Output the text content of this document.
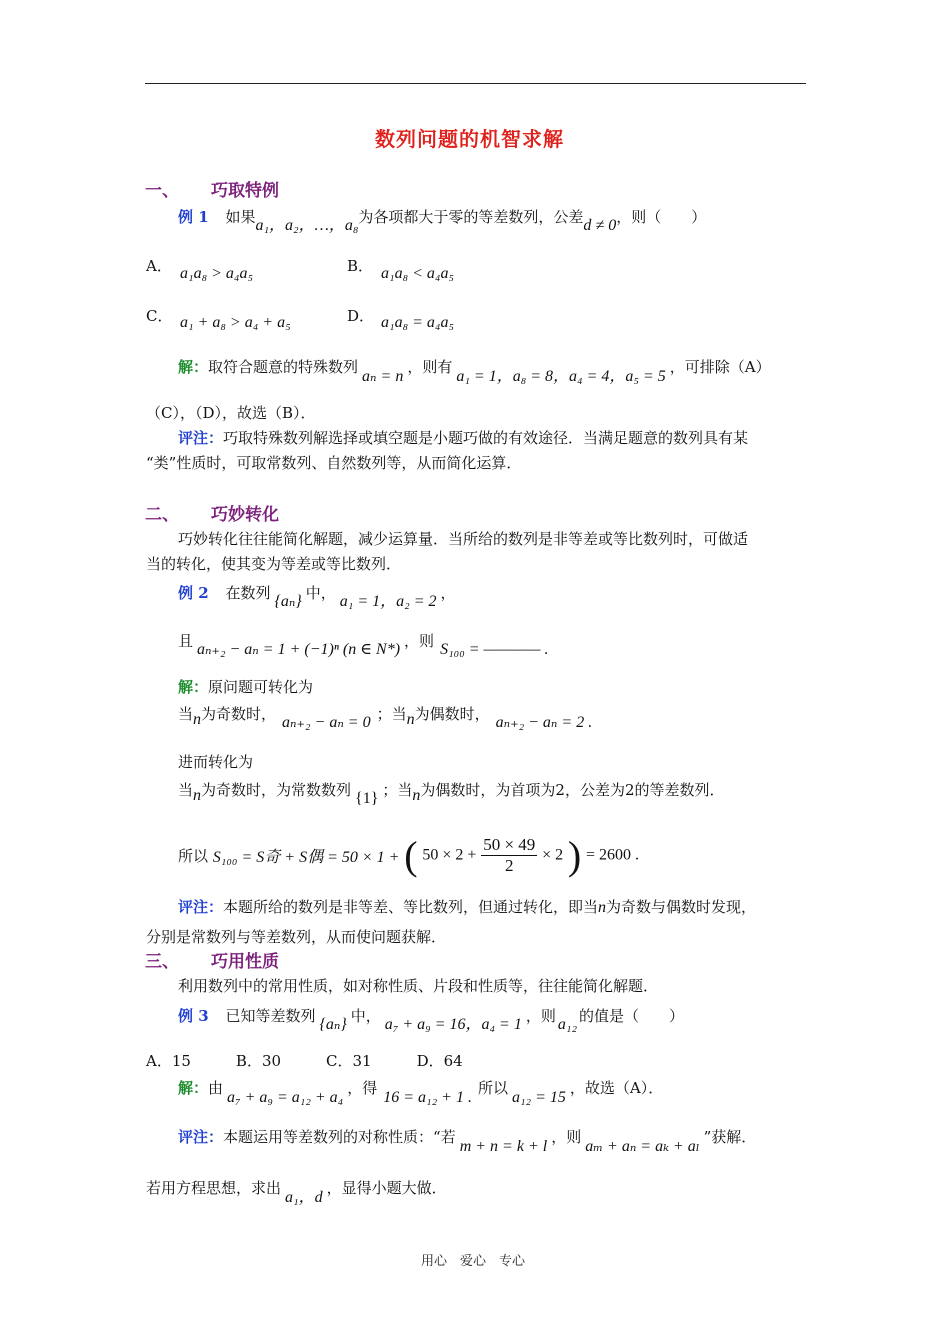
数列问题的机智求解
一、 巧取特例
例 1 如果a₁，a₂，…，a₈为各项都大于零的等差数列，公差d ≠ 0，则（　　）
A． a₁a₈ > a₄a₅	B． a₁a₈ < a₄a₅
C． a₁ + a₈ > a₄ + a₅	D． a₁a₈ = a₄a₅
解：取符合题意的特殊数列aₙ = n，则有a₁ = 1，a₈ = 8，a₄ = 4，a₅ = 5，可排除（A）
（C），（D），故选（B）．
评注：巧取特殊数列解选择或填空题是小题巧做的有效途径．当满足题意的数列具有某
“类”性质时，可取常数列、自然数列等，从而简化运算．
二、 巧妙转化
巧妙转化往往能简化解题，减少运算量．当所给的数列是非等差或等比数列时，可做适
当的转化，使其变为等差或等比数列．
例 2 在数列 {aₙ} 中， a₁ = 1，a₂ = 2 ，
且 aₙ₊₂ − aₙ = 1 + (−1)ⁿ (n ∈ N*) ，则 S₁₀₀ = ———— .
解：原问题可转化为
当n为奇数时， aₙ₊₂ − aₙ = 0 ；当n为偶数时， aₙ₊₂ − aₙ = 2 .
进而转化为
当n为奇数时，为常数数列 {1} ；当n为偶数时，为首项为2，公差为2的等差数列．
所以 S₁₀₀ = S奇 + S偶 = 50 × 1 + ( $50 \times 2 + \frac{50 \times 49}{2} \times 2$ ) = 2600 .
评注：本题所给的数列是非等差、等比数列，但通过转化，即当n为奇数与偶数时发现，
分别是常数列与等差数列，从而使问题获解．
三、 巧用性质
利用数列中的常用性质，如对称性质、片段和性质等，往往能简化解题．
例 3 已知等差数列 {aₙ} 中， a₇ + a₉ = 16，a₄ = 1 ，则 a₁₂ 的值是（　　）
A．15　　　B．30　　　C．31　　　D．64
解：由a₇ + a₉ = a₁₂ + a₄，得16 = a₁₂ + 1 .所以a₁₂ = 15，故选（A）．
评注：本题运用等差数列的对称性质：“若m + n = k + l，则aₘ + aₙ = aₖ + aₗ”获解．
若用方程思想，求出a₁，d，显得小题大做．
用心　爱心　专心
